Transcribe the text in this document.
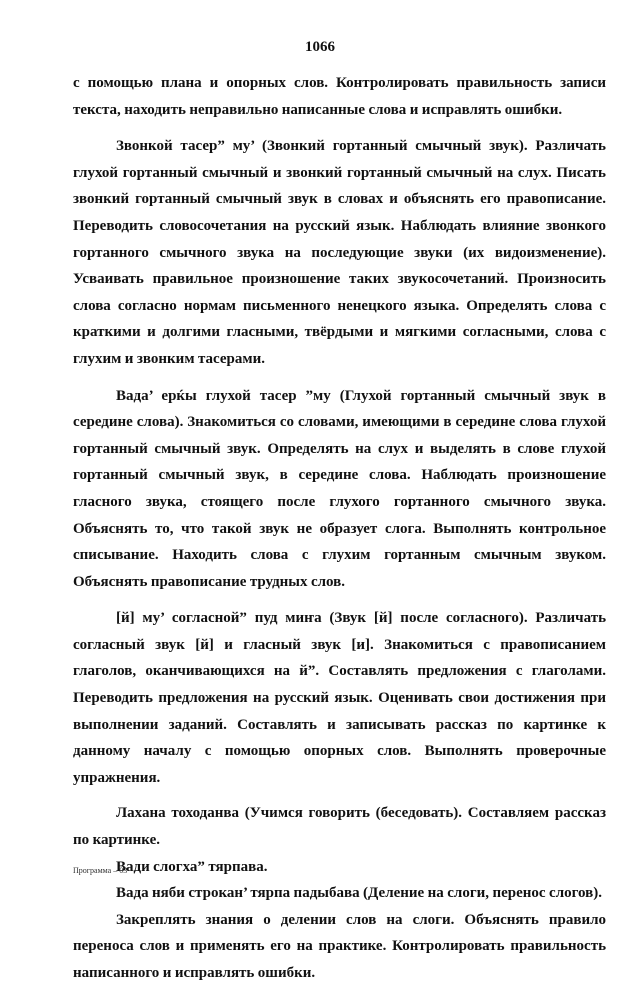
1066

с помощью плана и опорных слов. Контролировать правильность записи текста, находить неправильно написанные слова и исправлять ошибки.

Звонкой тасер” му’ (Звонкий гортанный смычный звук). Различать глухой гортанный смычный и звонкий гортанный смычный на слух. Писать звонкий гортанный смычный звук в словах и объяснять его правописание. Переводить словосочетания на русский язык. Наблюдать влияние звонкого гортанного смычного звука на последующие звуки (их видоизменение). Усваивать правильное произношение таких звукосочетаний. Произносить слова согласно нормам письменного ненецкого языка. Определять слова с краткими и долгими гласными, твёрдыми и мягкими согласными, слова с глухим и звонким тасерами.

Вада’ ерќы глухой тасер ”му (Глухой гортанный смычный звук в середине слова). Знакомиться со словами, имеющими в середине слова глухой гортанный смычный звук. Определять на слух и выделять в слове глухой гортанный смычный звук, в середине слова. Наблюдать произношение гласного звука, стоящего после глухого гортанного смычного звука. Объяснять то, что такой звук не образует слога. Выполнять контрольное списывание. Находить слова с глухим гортанным смычным звуком. Объяснять правописание трудных слов.

[й] му’ согласной” пуд миҥа (Звук [й] после согласного). Различать согласный звук [й] и гласный звук [и]. Знакомиться с правописанием глаголов, оканчивающихся на й”. Составлять предложения с глаголами. Переводить предложения на русский язык. Оценивать свои достижения при выполнении заданий. Составлять и записывать рассказ по картинке к данному началу с помощью опорных слов. Выполнять проверочные упражнения.

Лахана тоходанва (Учимся говорить (беседовать). Составляем рассказ по картинке.

Вади слогха” тярпава.

Вада няби строкан’ тярпа падыбава (Деление на слоги, перенос слогов).

Закреплять знания о делении слов на слоги. Объяснять правило переноса слов и применять его на практике. Контролировать правильность написанного и исправлять ошибки.

Программа – 03
